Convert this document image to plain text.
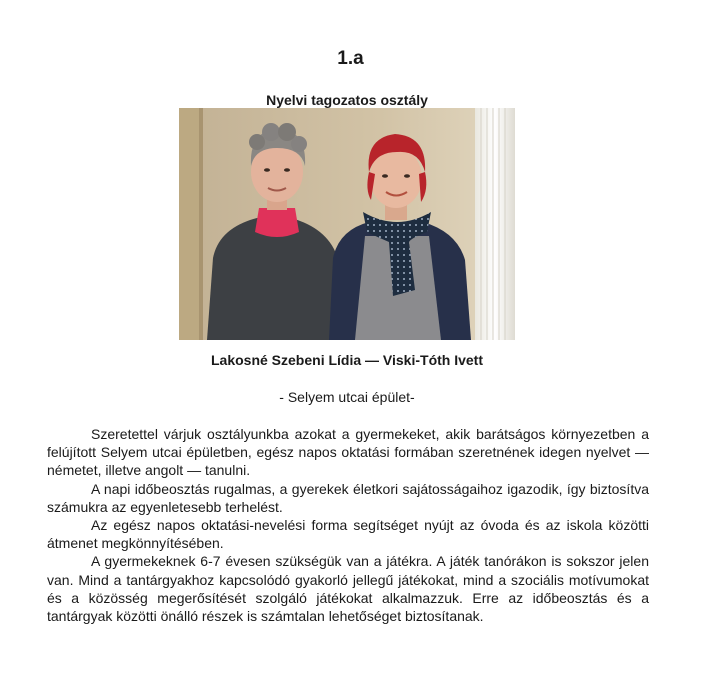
1.a
Nyelvi tagozatos osztály
Lakosné Szebeni Lídia — Viski-Tóth Ivett
- Selyem utcai épület-

Szeretettel várjuk osztályunkba azokat a gyermekeket, akik barátságos környezetben a felújított Selyem utcai épületben, egész napos oktatási formában szeretnének idegen nyelvet — németet, illetve angolt — tanulni.

A napi időbeosztás rugalmas, a gyerekek életkori sajátosságaihoz igazodik, így biztosítva számukra az egyenletesebb terhelést.

Az egész napos oktatási-nevelési forma segítséget nyújt az óvoda és az iskola közötti átmenet megkönnyítésében.

A gyermekeknek 6-7 évesen szükségük van a játékra. A játék tanórákon is sokszor jelen van. Mind a tantárgyakhoz kapcsolódó gyakorló jellegű játékokat, mind a szociális motívumokat és a közösség megerősítését szolgáló játékokat alkalmazzuk. Erre az időbeosztás és a tantárgyak közötti önálló részek is számtalan lehetőséget biztosítanak.
